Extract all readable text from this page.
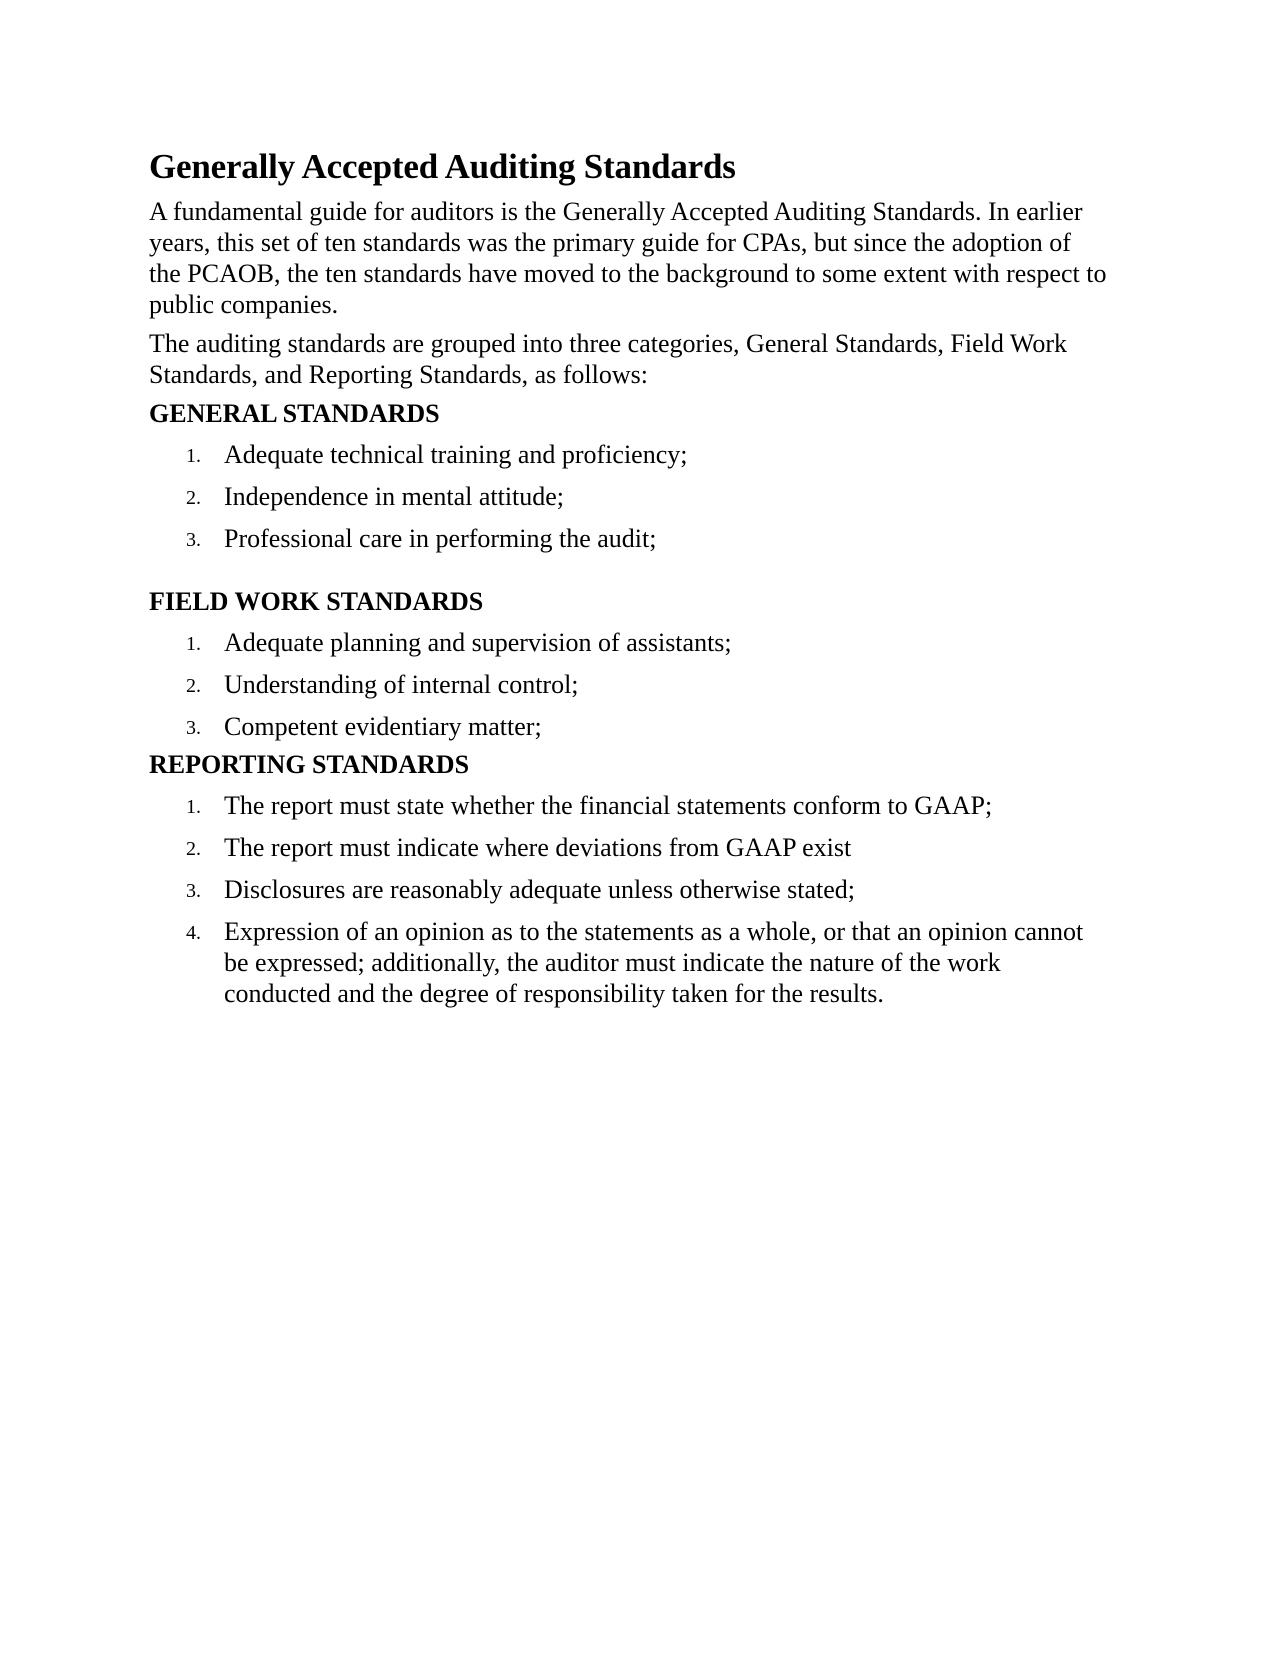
Generally Accepted Auditing Standards

A fundamental guide for auditors is the Generally Accepted Auditing Standards. In earlier years, this set of ten standards was the primary guide for CPAs, but since the adoption of the PCAOB, the ten standards have moved to the background to some extent with respect to public companies.

The auditing standards are grouped into three categories, General Standards, Field Work Standards, and Reporting Standards, as follows:

GENERAL STANDARDS
1. Adequate technical training and proficiency;
2. Independence in mental attitude;
3. Professional care in performing the audit;
FIELD WORK STANDARDS
1. Adequate planning and supervision of assistants;
2. Understanding of internal control;
3. Competent evidentiary matter;
REPORTING STANDARDS
1. The report must state whether the financial statements conform to GAAP;
2. The report must indicate where deviations from GAAP exist
3. Disclosures are reasonably adequate unless otherwise stated;
4. Expression of an opinion as to the statements as a whole, or that an opinion cannot be expressed; additionally, the auditor must indicate the nature of the work conducted and the degree of responsibility taken for the results.
